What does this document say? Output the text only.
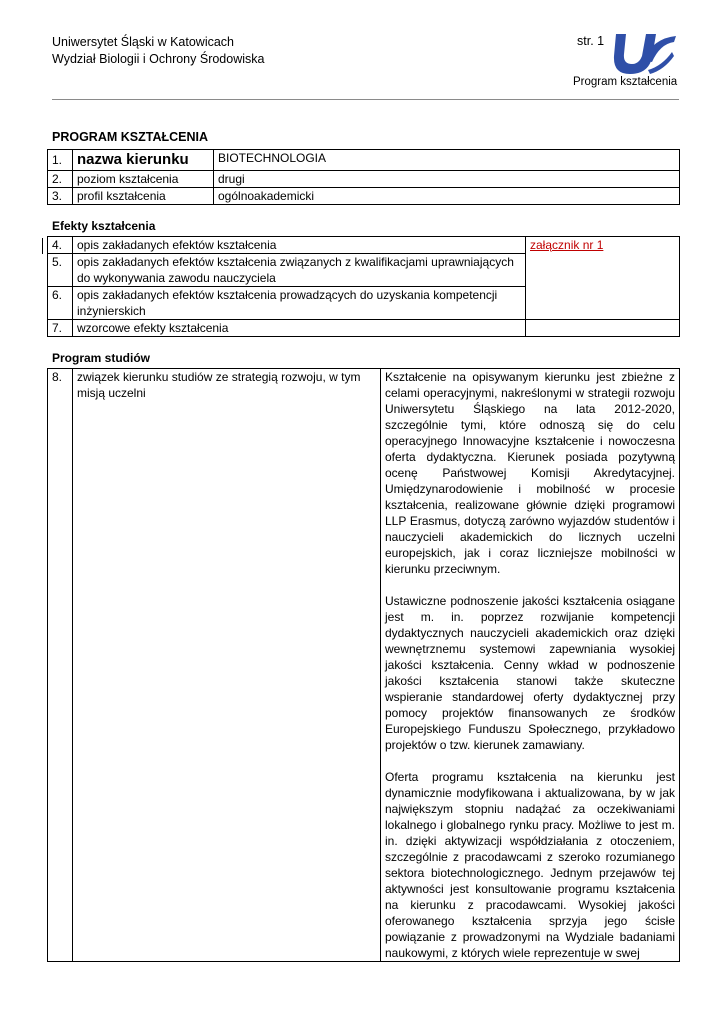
Uniwersytet Śląski w Katowicach
Wydział Biologii i Ochrony Środowiska
str. 1
Program kształcenia
PROGRAM KSZTAŁCENIA
1.	nazwa kierunku	BIOTECHNOLOGIA
2.	poziom kształcenia	drugi
3.	profil kształcenia	ogólnoakademicki
Efekty kształcenia
4.	opis zakładanych efektów kształcenia	załącznik nr 1
5.	opis zakładanych efektów kształcenia związanych z kwalifikacjami uprawniających do wykonywania zawodu nauczyciela	
6.	opis zakładanych efektów kształcenia prowadzących do uzyskania kompetencji inżynierskich	
7.	wzorcowe efekty kształcenia	
Program studiów
8.	związek kierunku studiów ze strategią rozwoju, w tym misją uczelni	

Kształcenie na opisywanym kierunku jest zbieżne z celami operacyjnymi, nakreślonymi w strategii rozwoju Uniwersytetu Śląskiego na lata 2012-2020, szczególnie tymi, które odnoszą się do celu operacyjnego Innowacyjne kształcenie i nowoczesna oferta dydaktyczna. Kierunek posiada pozytywną ocenę Państwowej Komisji Akredytacyjnej. Umiędzynarodowienie i mobilność w procesie kształcenia, realizowane głównie dzięki programowi LLP Erasmus, dotyczą zarówno wyjazdów studentów i nauczycieli akademickich do licznych uczelni europejskich, jak i coraz liczniejsze mobilności w kierunku przeciwnym.

Ustawiczne podnoszenie jakości kształcenia osiągane jest m. in. poprzez rozwijanie kompetencji dydaktycznych nauczycieli akademickich oraz dzięki wewnętrznemu systemowi zapewniania wysokiej jakości kształcenia. Cenny wkład w podnoszenie jakości kształcenia stanowi także skuteczne wspieranie standardowej oferty dydaktycznej przy pomocy projektów finansowanych ze środków Europejskiego Funduszu Społecznego, przykładowo projektów o tzw. kierunek zamawiany.

Oferta programu kształcenia na kierunku jest dynamicznie modyfikowana i aktualizowana, by w jak największym stopniu nadążać za oczekiwaniami lokalnego i globalnego rynku pracy. Możliwe to jest m. in. dzięki aktywizacji współdziałania z otoczeniem, szczególnie z pracodawcami z szeroko rozumianego sektora biotechnologicznego. Jednym przejawów tej aktywności jest konsultowanie programu kształcenia na kierunku z pracodawcami. Wysokiej jakości oferowanego kształcenia sprzyja jego ścisłe powiązanie z prowadzonymi na Wydziale badaniami naukowymi, z których wiele reprezentuje w swej
